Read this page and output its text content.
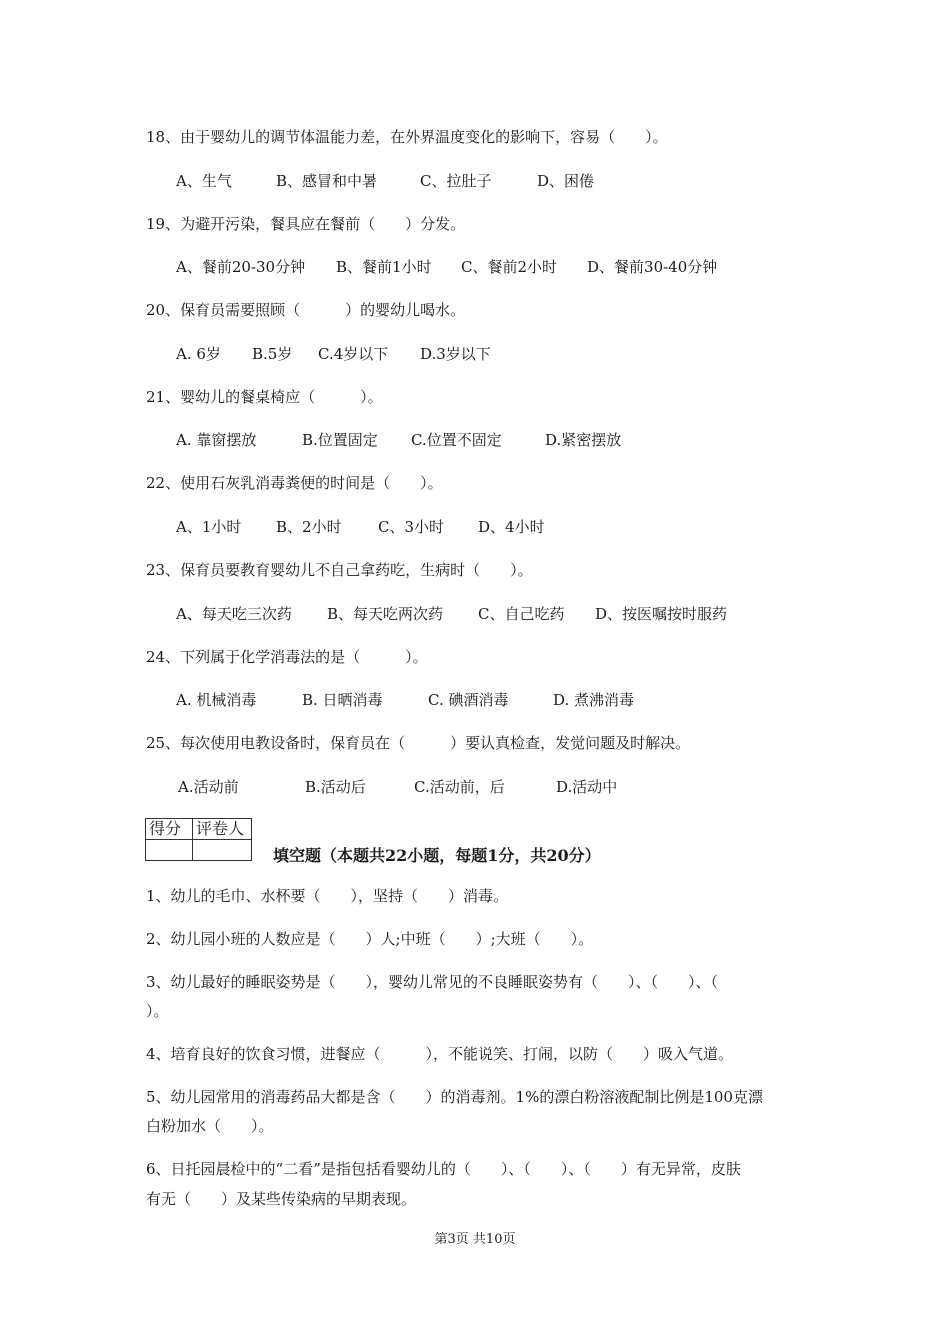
18、由于婴幼儿的调节体温能力差，在外界温度变化的影响下，容易（　　）。
A、生气	B、感冒和中暑	C、拉肚子	D、困倦
19、为避开污染，餐具应在餐前（　　）分发。
A、餐前20-30分钟 B、餐前1小时 C、餐前2小时 D、餐前30-40分钟
20、保育员需要照顾（　　　）的婴幼儿喝水。
A. 6岁 B.5岁 C.4岁以下 D.3岁以下
21、婴幼儿的餐桌椅应（　　　）。
A. 靠窗摆放	B.位置固定 C.位置不固定	D.紧密摆放
22、使用石灰乳消毒粪便的时间是（　　）。
A、1小时 B、2小时 C、3小时 D、4小时
23、保育员要教育婴幼儿不自己拿药吃，生病时（　　）。
A、每天吃三次药 B、每天吃两次药 C、自己吃药 D、按医嘱按时服药
24、下列属于化学消毒法的是（　　　）。
A. 机械消毒	B. 日晒消毒	C. 碘酒消毒	D. 煮沸消毒
25、每次使用电教设备时，保育员在（　　　）要认真检查，发觉问题及时解决。
A.活动前	B.活动后	C.活动前，后	D.活动中
得分	评卷人

填空题（本题共22小题，每题1分，共20分）
1、幼儿的毛巾、水杯要（　　），坚持（　　）消毒。
2、幼儿园小班的人数应是（　　）人;中班（　　）;大班（　　）。
3、幼儿最好的睡眠姿势是（　　），婴幼儿常见的不良睡眠姿势有（　　）、（　　）、（
）。
4、培育良好的饮食习惯，进餐应（　　　），不能说笑、打闹，以防（　　）吸入气道。
5、幼儿园常用的消毒药品大都是含（　　）的消毒剂。1%的漂白粉溶液配制比例是100克漂
白粉加水（　　）。
6、日托园晨检中的“二看”是指包括看婴幼儿的（　　）、（　　）、（　　）有无异常，皮肤
有无（　　）及某些传染病的早期表现。
第3页 共10页
